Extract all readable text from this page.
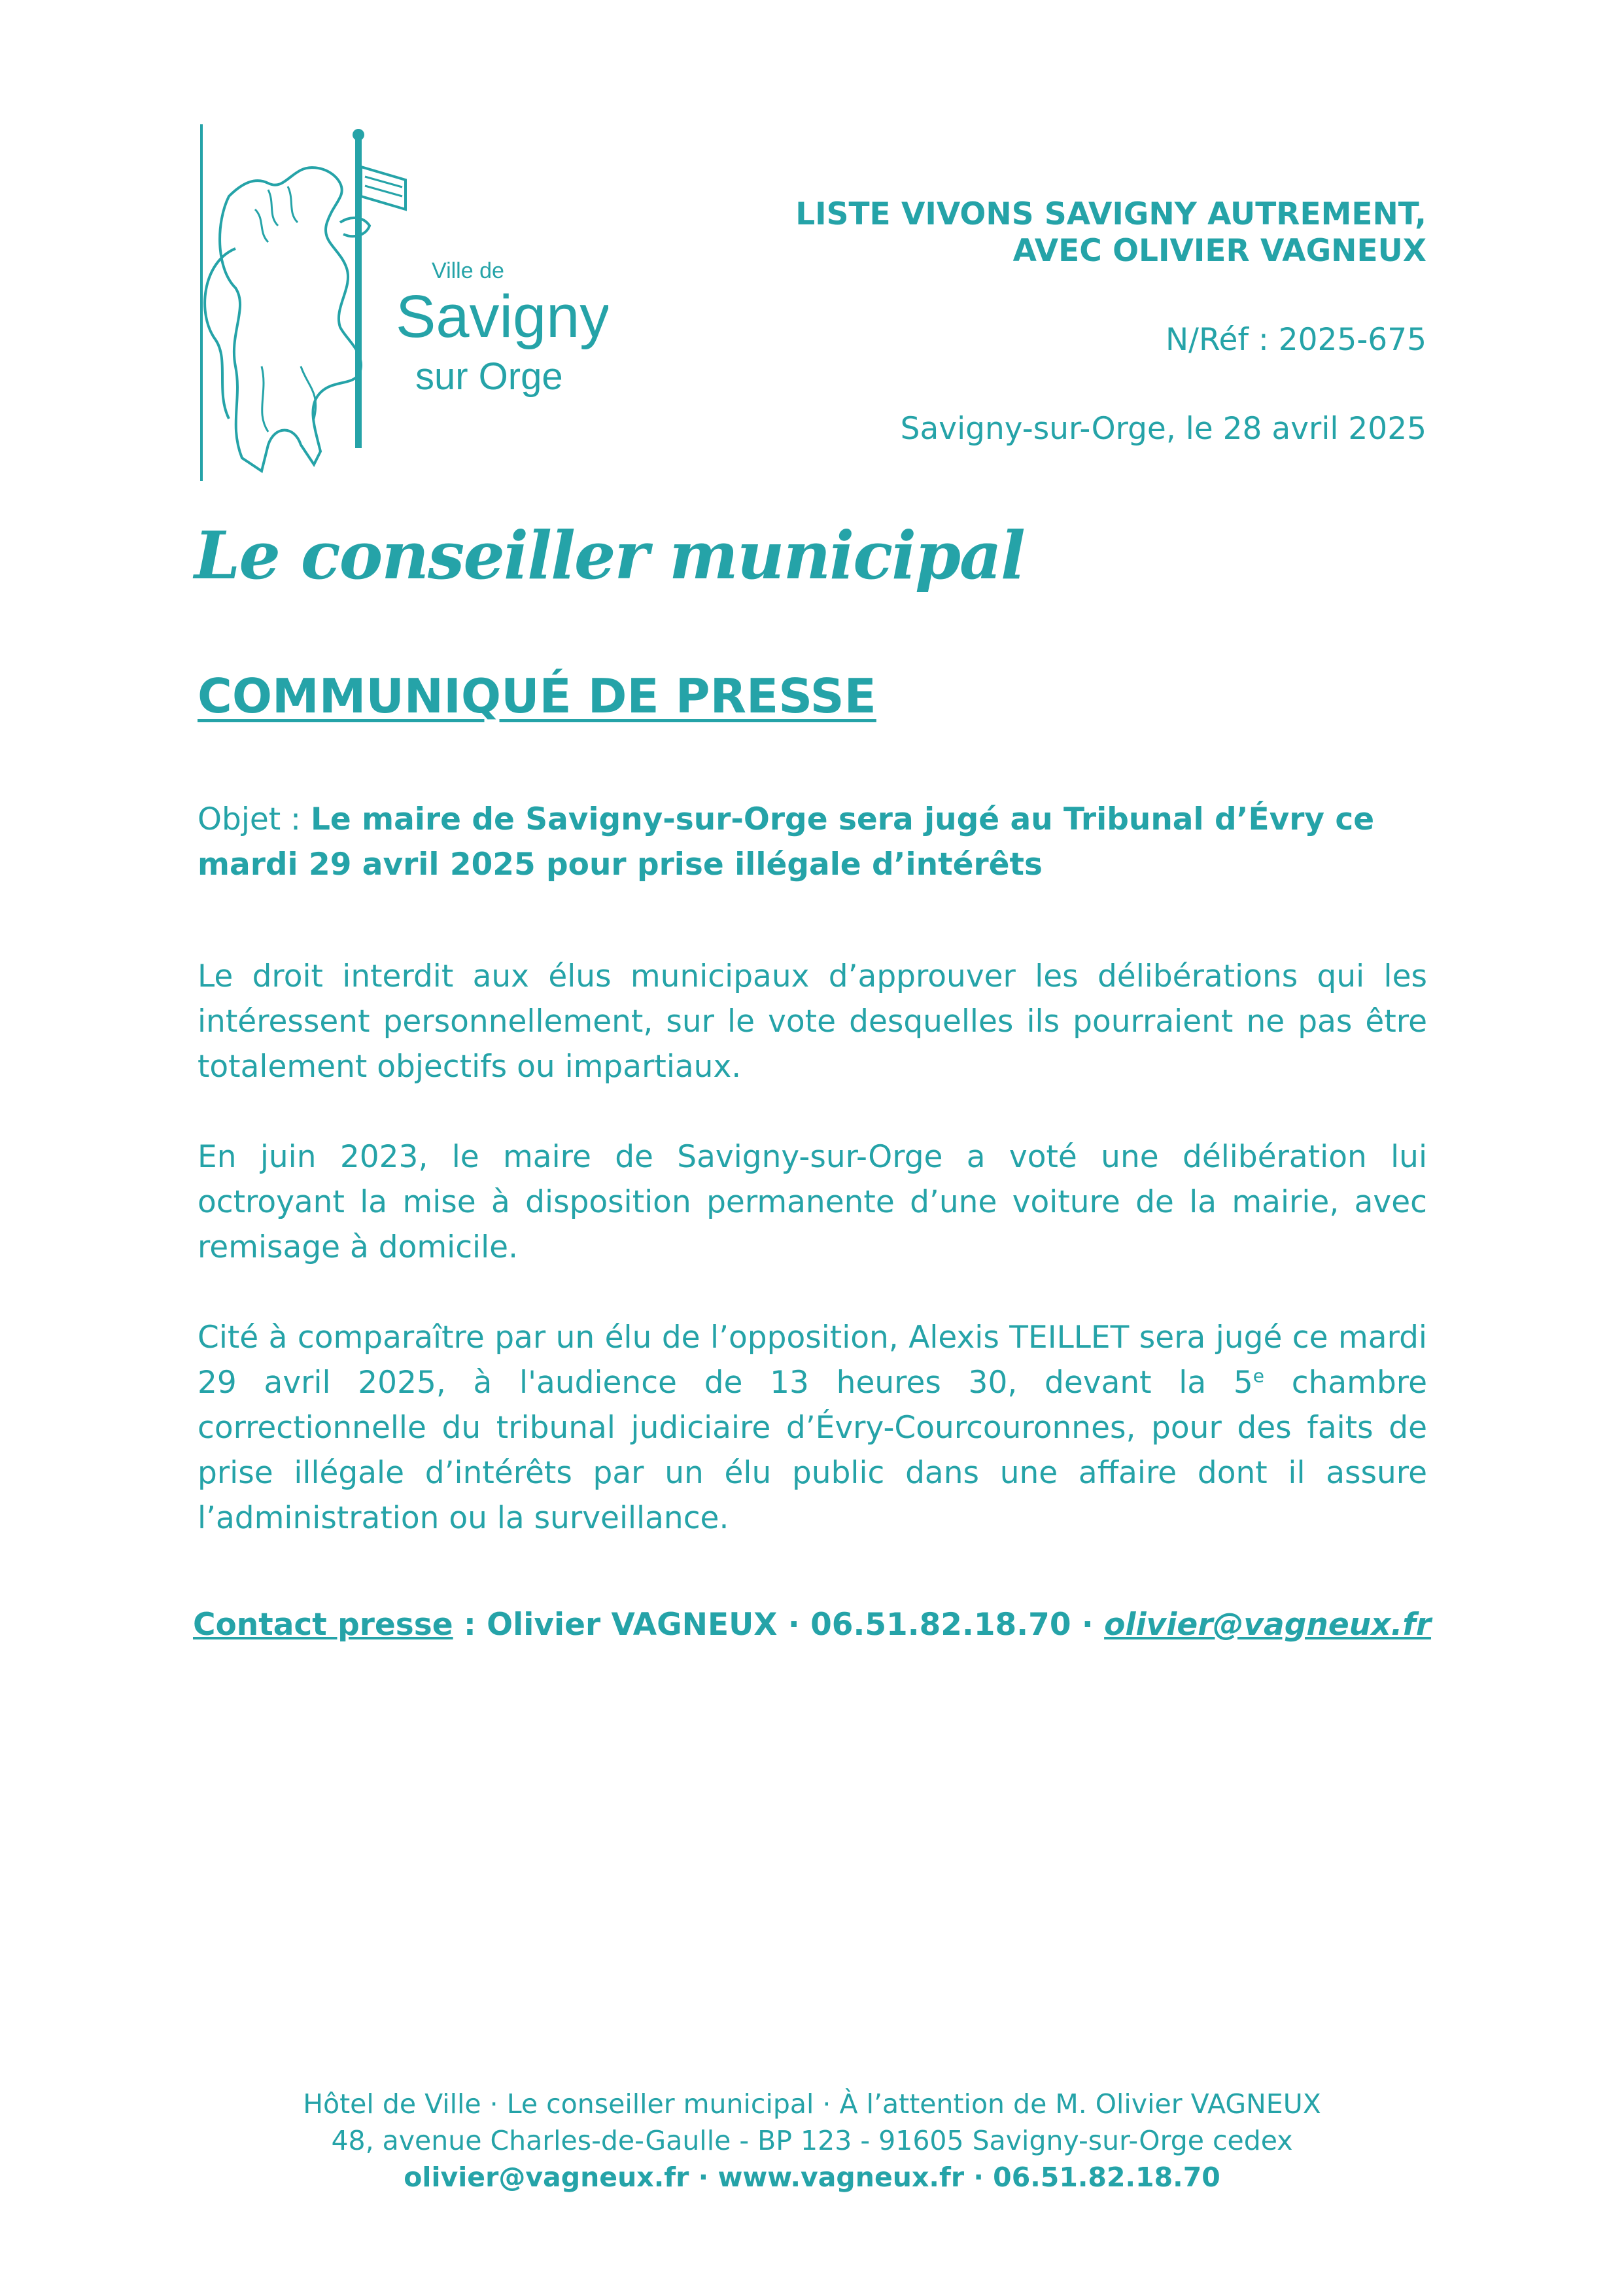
Ville de
Savigny
sur Orge
LISTE VIVONS SAVIGNY AUTREMENT,
AVEC OLIVIER VAGNEUX
N/Réf : 2025-675
Savigny-sur-Orge, le 28 avril 2025
Le conseiller municipal
COMMUNIQUÉ DE PRESSE
Objet : Le maire de Savigny-sur-Orge sera jugé au Tribunal d’Évry ce mardi 29 avril 2025 pour prise illégale d’intérêts

Le droit interdit aux élus municipaux d’approuver les délibérations qui les intéressent personnellement, sur le vote desquelles ils pourraient ne pas être totalement objectifs ou impartiaux.

En juin 2023, le maire de Savigny-sur-Orge a voté une délibération lui octroyant la mise à disposition permanente d’une voiture de la mairie, avec remisage à domicile.

Cité à comparaître par un élu de l’opposition, Alexis TEILLET sera jugé ce mardi 29 avril 2025, à l'audience de 13 heures 30, devant la 5e chambre correctionnelle du tribunal judiciaire d’Évry-Courcouronnes, pour des faits de prise illégale d’intérêts par un élu public dans une affaire dont il assure l’administration ou la surveillance.

Contact presse : Olivier VAGNEUX · 06.51.82.18.70 · olivier@vagneux.fr
Hôtel de Ville · Le conseiller municipal · À l’attention de M. Olivier VAGNEUX
48, avenue Charles-de-Gaulle - BP 123 - 91605 Savigny-sur-Orge cedex
olivier@vagneux.fr · www.vagneux.fr · 06.51.82.18.70
